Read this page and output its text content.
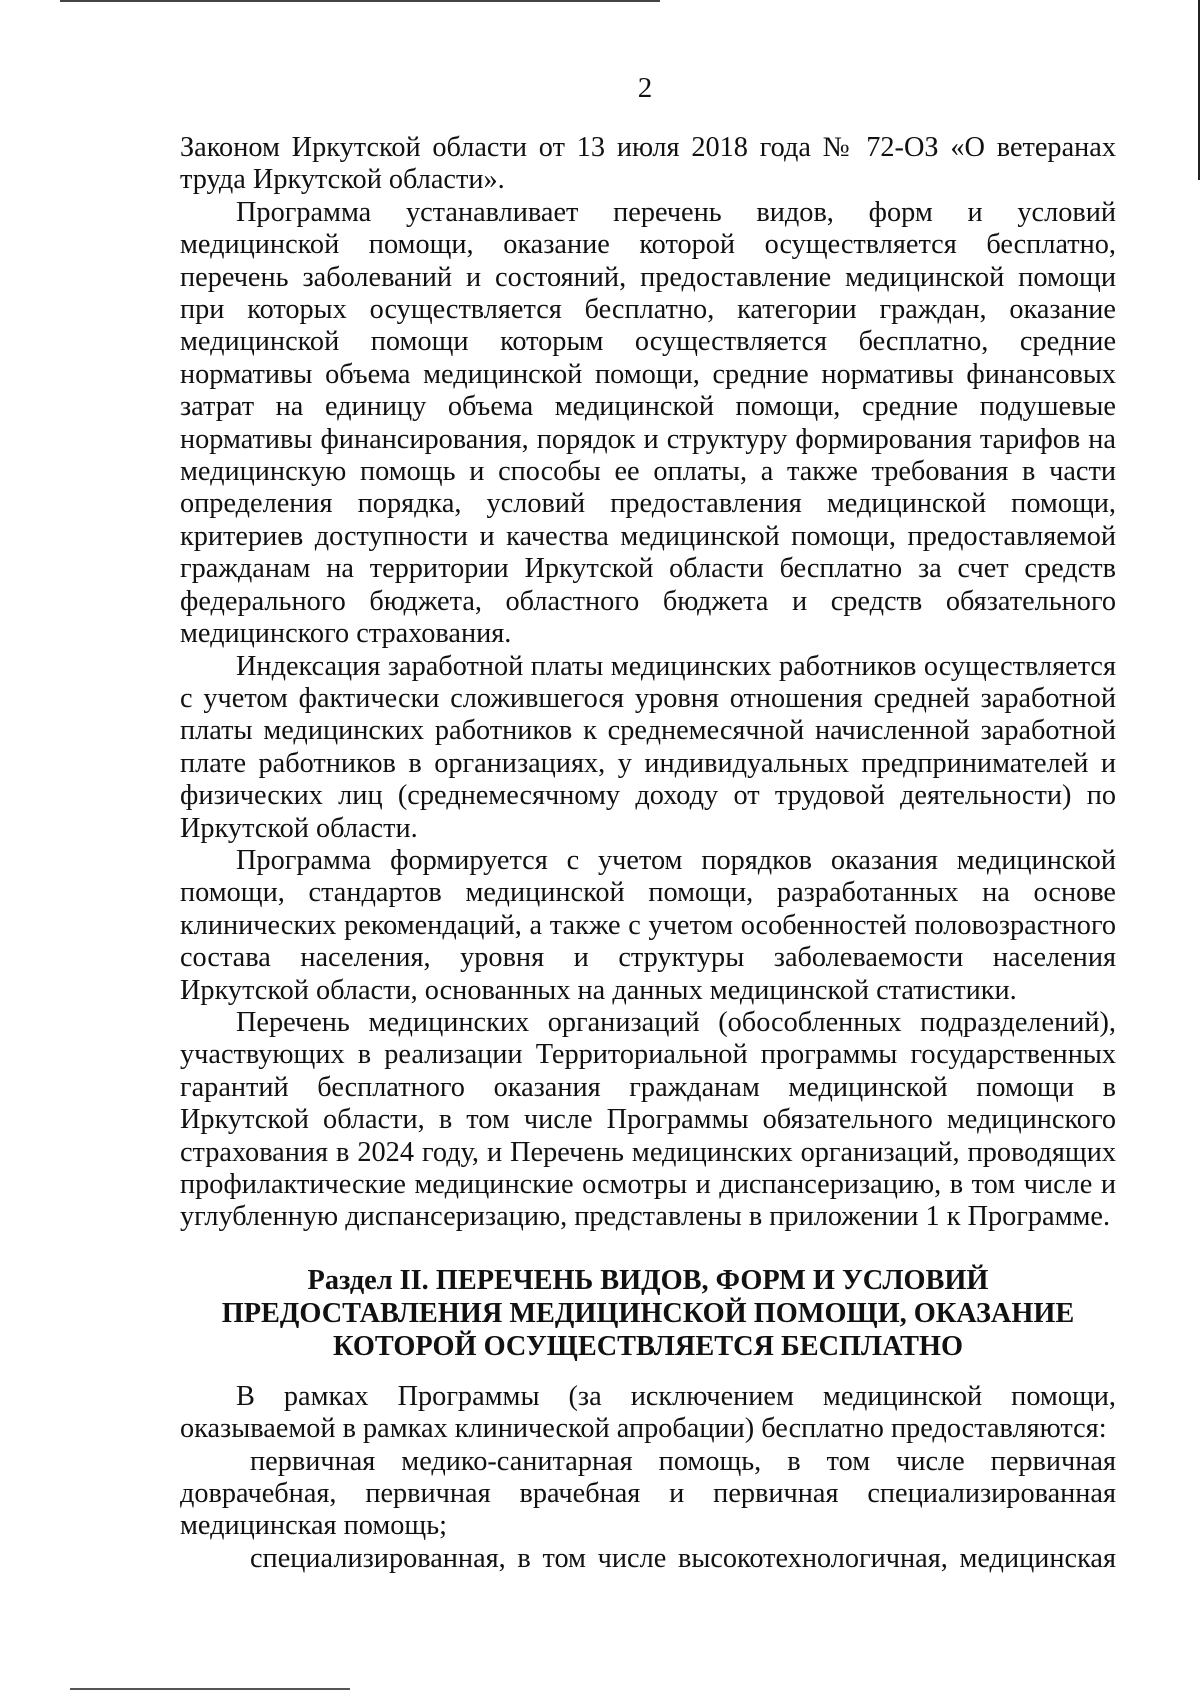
2

Законом Иркутской области от 13 июля 2018 года № 72-ОЗ «О ветеранах труда Иркутской области».

Программа устанавливает перечень видов, форм и условий медицинской помощи, оказание которой осуществляется бесплатно, перечень заболеваний и состояний, предоставление медицинской помощи при которых осуществляется бесплатно, категории граждан, оказание медицинской помощи которым осуществляется бесплатно, средние нормативы объема медицинской помощи, средние нормативы финансовых затрат на единицу объема медицинской помощи, средние подушевые нормативы финансирования, порядок и структуру формирования тарифов на медицинскую помощь и способы ее оплаты, а также требования в части определения порядка, условий предоставления медицинской помощи, критериев доступности и качества медицинской помощи, предоставляемой гражданам на территории Иркутской области бесплатно за счет средств федерального бюджета, областного бюджета и средств обязательного медицинского страхования.

Индексация заработной платы медицинских работников осуществляется с учетом фактически сложившегося уровня отношения средней заработной платы медицинских работников к среднемесячной начисленной заработной плате работников в организациях, у индивидуальных предпринимателей и физических лиц (среднемесячному доходу от трудовой деятельности) по Иркутской области.

Программа формируется с учетом порядков оказания медицинской помощи, стандартов медицинской помощи, разработанных на основе клинических рекомендаций, а также с учетом особенностей половозрастного состава населения, уровня и структуры заболеваемости населения Иркутской области, основанных на данных медицинской статистики.

Перечень медицинских организаций (обособленных подразделений), участвующих в реализации Территориальной программы государственных гарантий бесплатного оказания гражданам медицинской помощи в Иркутской области, в том числе Программы обязательного медицинского страхования в 2024 году, и Перечень медицинских организаций, проводящих профилактические медицинские осмотры и диспансеризацию, в том числе и углубленную диспансеризацию, представлены в приложении 1 к Программе.

Раздел II. ПЕРЕЧЕНЬ ВИДОВ, ФОРМ И УСЛОВИЙ
ПРЕДОСТАВЛЕНИЯ МЕДИЦИНСКОЙ ПОМОЩИ, ОКАЗАНИЕ
КОТОРОЙ ОСУЩЕСТВЛЯЕТСЯ БЕСПЛАТНО

В рамках Программы (за исключением медицинской помощи, оказываемой в рамках клинической апробации) бесплатно предоставляются:

первичная медико-санитарная помощь, в том числе первичная доврачебная, первичная врачебная и первичная специализированная медицинская помощь;

специализированная, в том числе высокотехнологичная, медицинская
